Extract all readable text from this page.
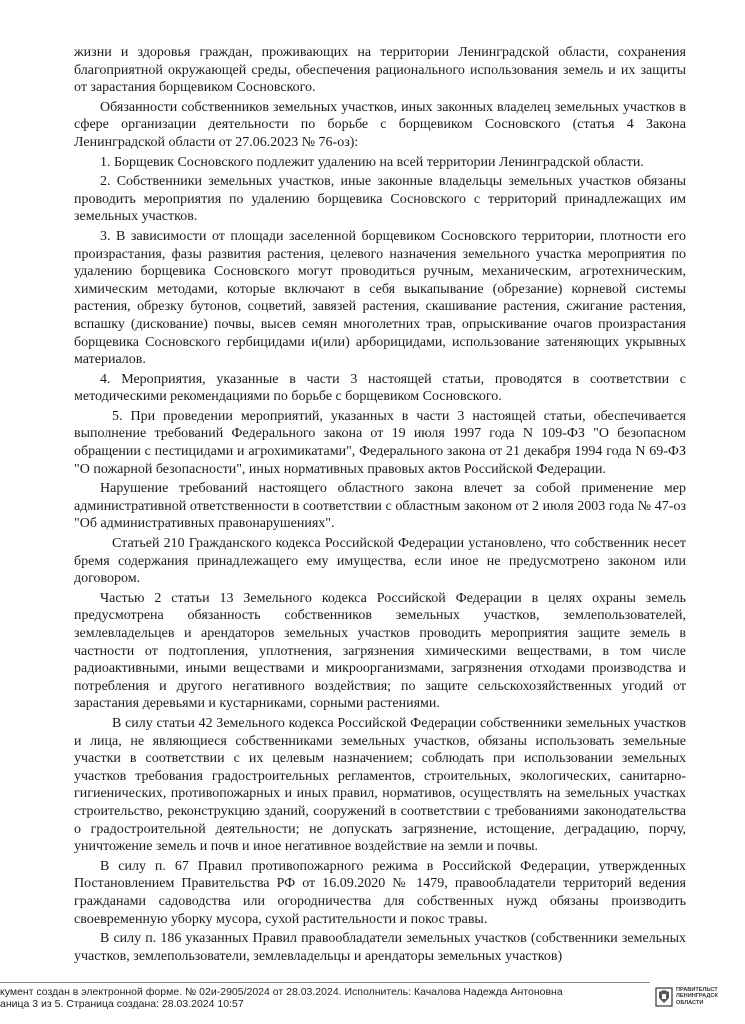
жизни и здоровья граждан, проживающих на территории Ленинградской области, сохранения благоприятной окружающей среды, обеспечения рационального использования земель и их защиты от зарастания борщевиком Сосновского.

Обязанности собственников земельных участков, иных законных владелец земельных участков в сфере организации деятельности по борьбе с борщевиком Сосновского (статья 4 Закона Ленинградской области от 27.06.2023 № 76-оз):

1. Борщевик Сосновского подлежит удалению на всей территории Ленинградской области.

2. Собственники земельных участков, иные законные владельцы земельных участков обязаны проводить мероприятия по удалению борщевика Сосновского с территорий принадлежащих им земельных участков.

3. В зависимости от площади заселенной борщевиком Сосновского территории, плотности его произрастания, фазы развития растения, целевого назначения земельного участка мероприятия по удалению борщевика Сосновского могут проводиться ручным, механическим, агротехническим, химическим методами, которые включают в себя выкапывание (обрезание) корневой системы растения, обрезку бутонов, соцветий, завязей растения, скашивание растения, сжигание растения, вспашку (дискование) почвы, высев семян многолетних трав, опрыскивание очагов произрастания борщевика Сосновского гербицидами и(или) арборицидами, использование затеняющих укрывных материалов.

4. Мероприятия, указанные в части 3 настоящей статьи, проводятся в соответствии с методическими рекомендациями по борьбе с борщевиком Сосновского.

5. При проведении мероприятий, указанных в части 3 настоящей статьи, обеспечивается выполнение требований Федерального закона от 19 июля 1997 года N 109-ФЗ "О безопасном обращении с пестицидами и агрохимикатами", Федерального закона от 21 декабря 1994 года N 69-ФЗ "О пожарной безопасности", иных нормативных правовых актов Российской Федерации.

Нарушение требований настоящего областного закона влечет за собой применение мер административной ответственности в соответствии с областным законом от 2 июля 2003 года № 47-оз "Об административных правонарушениях".

Статьей 210 Гражданского кодекса Российской Федерации установлено, что собственник несет бремя содержания принадлежащего ему имущества, если иное не предусмотрено законом или договором.

Частью 2 статьи 13 Земельного кодекса Российской Федерации в целях охраны земель предусмотрена обязанность собственников земельных участков, землепользователей, землевладельцев и арендаторов земельных участков проводить мероприятия защите земель в частности от подтопления, уплотнения, загрязнения химическими веществами, в том числе радиоактивными, иными веществами и микроорганизмами, загрязнения отходами производства и потребления и другого негативного воздействия; по защите сельскохозяйственных угодий от зарастания деревьями и кустарниками, сорными растениями.

В силу статьи 42 Земельного кодекса Российской Федерации собственники земельных участков и лица, не являющиеся собственниками земельных участков, обязаны использовать земельные участки в соответствии с их целевым назначением; соблюдать при использовании земельных участков требования градостроительных регламентов, строительных, экологических, санитарно-гигиенических, противопожарных и иных правил, нормативов, осуществлять на земельных участках строительство, реконструкцию зданий, сооружений в соответствии с требованиями законодательства о градостроительной деятельности; не допускать загрязнение, истощение, деградацию, порчу, уничтожение земель и почв и иное негативное воздействие на земли и почвы.

В силу п. 67 Правил противопожарного режима в Российской Федерации, утвержденных Постановлением Правительства РФ от 16.09.2020 № 1479, правообладатели территорий ведения гражданами садоводства или огородничества для собственных нужд обязаны производить своевременную уборку мусора, сухой растительности и покос травы.

В силу п. 186 указанных Правил правообладатели земельных участков (собственники земельных участков, землепользователи, землевладельцы и арендаторы земельных участков)

кумент создан в электронной форме. № 02и-2905/2024 от 28.03.2024. Исполнитель: Качалова Надежда Антоновна
аница 3 из 5. Страница создана: 28.03.2024 10:57
ПРАВИТЕЛЬСТ
ЛЕНИНГРАДСК
ОБЛАСТИ
